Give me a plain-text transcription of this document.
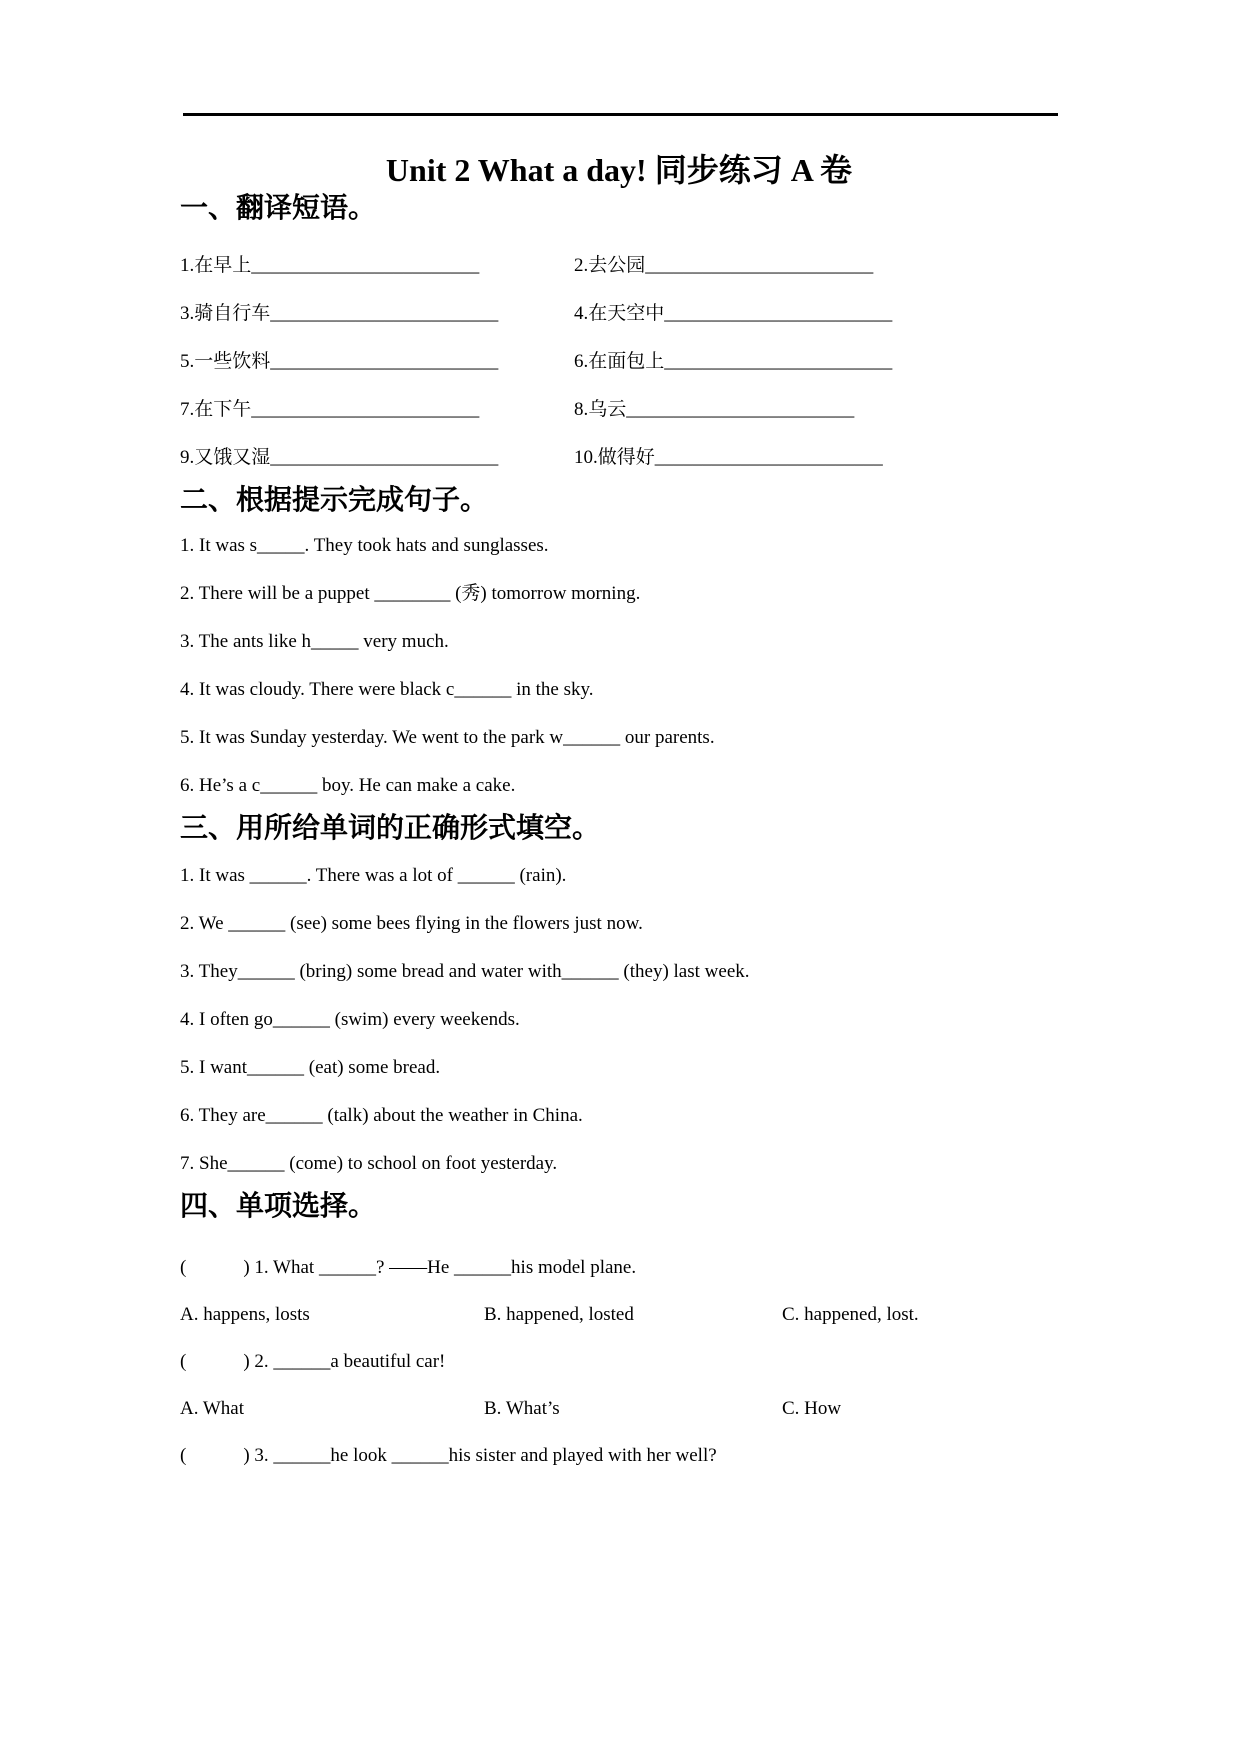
Unit 2 What a day! 同步练习 A 卷
一、翻译短语。
1.在早上________________________	2.去公园________________________
3.骑自行车________________________	4.在天空中________________________
5.一些饮料________________________	6.在面包上________________________
7.在下午________________________	8.乌云________________________
9.又饿又湿________________________	10.做得好________________________
二、根据提示完成句子。

1. It was s_____. They took hats and sunglasses.

2. There will be a puppet ________ (秀) tomorrow morning.

3. The ants like h_____ very much.

4. It was cloudy. There were black c______ in the sky.

5. It was Sunday yesterday. We went to the park w______ our parents.

6. He’s a c______ boy. He can make a cake.

三、用所给单词的正确形式填空。

1. It was ______. There was a lot of ______ (rain).

2. We ______ (see) some bees flying in the flowers just now.

3. They______ (bring) some bread and water with______ (they) last week.

4. I often go______ (swim) every weekends.

5. I want______ (eat) some bread.

6. They are______ (talk) about the weather in China.

7. She______ (come) to school on foot yesterday.

四、单项选择。

(            ) 1. What ______? ——He ______his model plane.

A. happens, losts	B. happened, losted	C. happened, lost.

(            ) 2. ______a beautiful car!

A. What	B. What’s	C. How

(            ) 3. ______he look ______his sister and played with her well?
